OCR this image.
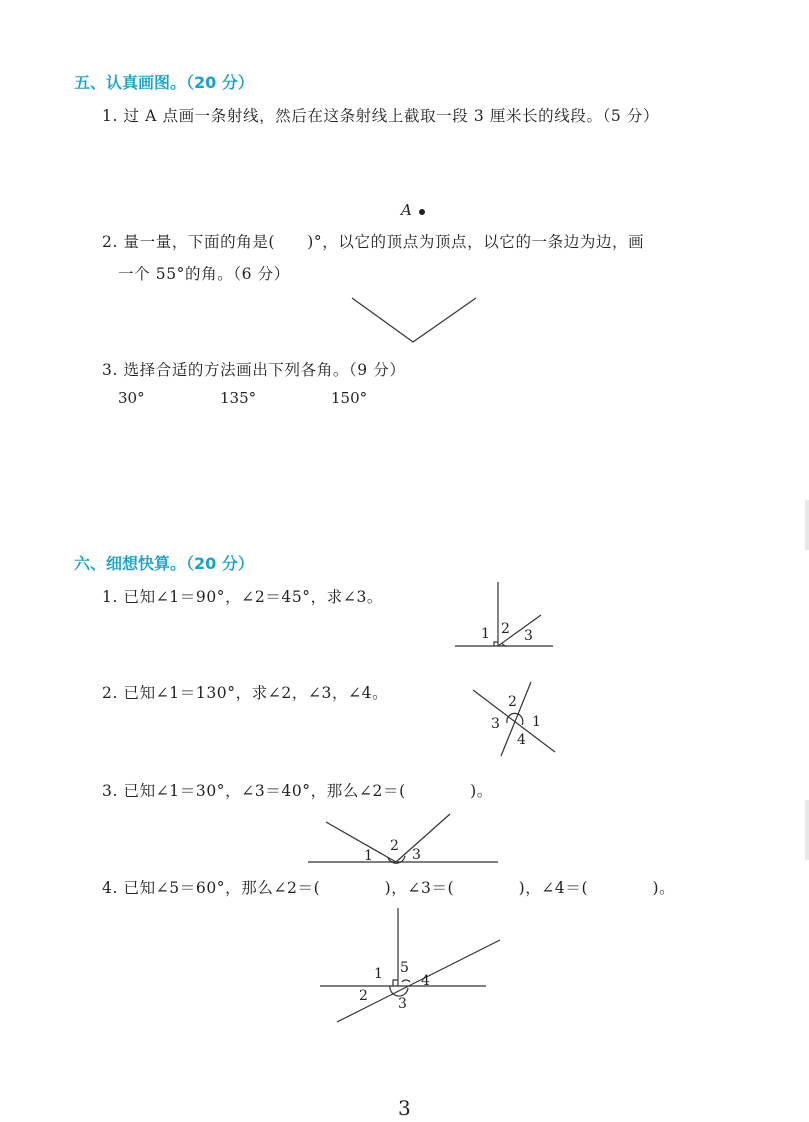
五、认真画图。（20 分）
1. 过 A 点画一条射线，然后在这条射线上截取一段 3 厘米长的线段。（5 分）
A
2. 量一量，下面的角是(　　)°，以它的顶点为顶点，以它的一条边为边，画
一个 55°的角。（6 分）
3. 选择合适的方法画出下列各角。（9 分）
30°	135°	150°
六、细想快算。（20 分）
1. 已知∠1＝90°，∠2＝45°，求∠3。
1 2 3
2. 已知∠1＝130°，求∠2，∠3，∠4。	2
3 1
4
3. 已知∠1＝30°，∠3＝40°，那么∠2＝(　　　　)。
1
2
3
4. 已知∠5＝60°，那么∠2＝(　　　　)，∠3＝(　　　　)，∠4＝(　　　　)。
1 5
4
2 3
3
